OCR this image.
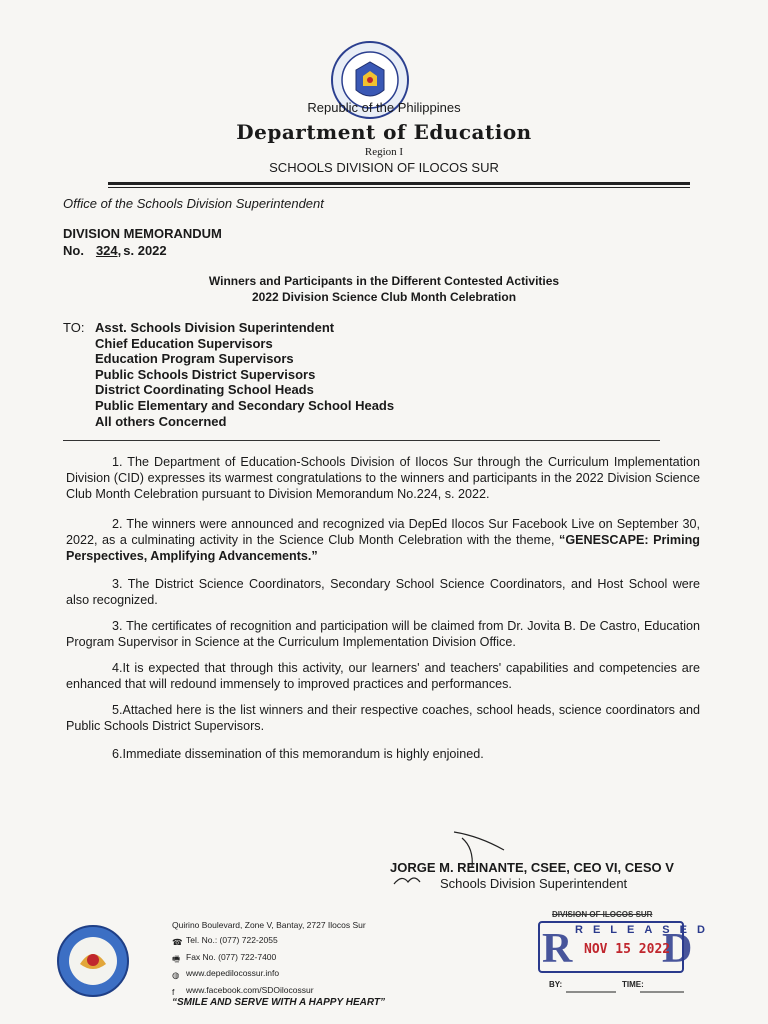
Republic of the Philippines
Department of Education
Region I
SCHOOLS DIVISION OF ILOCOS SUR
Office of the Schools Division Superintendent
DIVISION MEMORANDUM
No. 324, s. 2022
Winners and Participants in the Different Contested Activities
2022 Division Science Club Month Celebration
TO: Asst. Schools Division Superintendent
Chief Education Supervisors
Education Program Supervisors
Public Schools District Supervisors
District Coordinating School Heads
Public Elementary and Secondary School Heads
All others Concerned
1. The Department of Education-Schools Division of Ilocos Sur through the Curriculum Implementation Division (CID) expresses its warmest congratulations to the winners and participants in the 2022 Division Science Club Month Celebration pursuant to Division Memorandum No.224, s. 2022.
2. The winners were announced and recognized via DepEd Ilocos Sur Facebook Live on September 30, 2022, as a culminating activity in the Science Club Month Celebration with the theme, “GENESCAPE: Priming Perspectives, Amplifying Advancements.”
3. The District Science Coordinators, Secondary School Science Coordinators, and Host School were also recognized.
3. The certificates of recognition and participation will be claimed from Dr. Jovita B. De Castro, Education Program Supervisor in Science at the Curriculum Implementation Division Office.
4.It is expected that through this activity, our learners' and teachers' capabilities and competencies are enhanced that will redound immensely to improved practices and performances.
5.Attached here is the list winners and their respective coaches, school heads, science coordinators and Public Schools District Supervisors.
6.Immediate dissemination of this memorandum is highly enjoined.
JORGE M. REINANTE, CSEE, CEO VI, CESO V
Schools Division Superintendent
Quirino Boulevard, Zone V, Bantay, 2727 Ilocos Sur
☎ Tel. No.: (077) 722-2055
🖷 Fax No. (077) 722-7400
◍ www.depedilocossur.info
f www.facebook.com/SDOilocossur
“SMILE AND SERVE WITH A HAPPY HEART”
R D
DIVISION OF ILOCOS SUR
RELEASED
NOV 15 2022
BY:	TIME:
